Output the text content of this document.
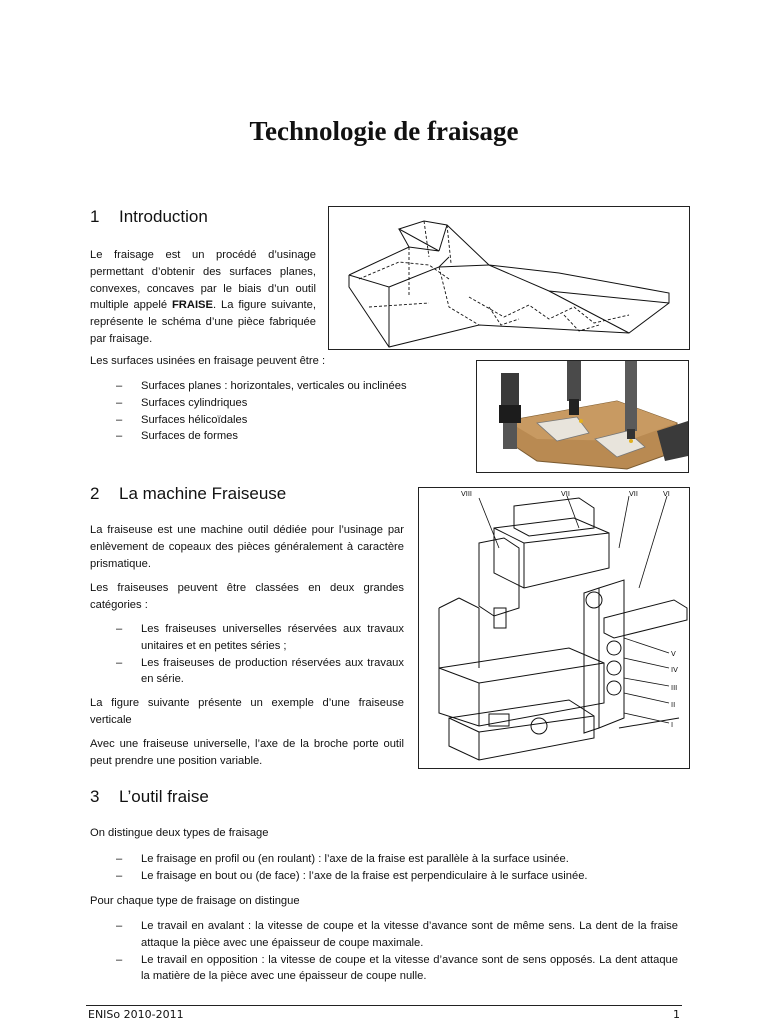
Technologie de fraisage
1 Introduction
Le fraisage est un procédé d’usinage permettant d’obtenir des surfaces planes, convexes, concaves par le biais d’un outil multiple appelé FRAISE. La figure suivante, représente le schéma d’une pièce fabriquée par fraisage.
Les surfaces usinées en fraisage peuvent être :
– Surfaces planes : horizontales, verticales ou inclinées
– Surfaces cylindriques
– Surfaces hélicoïdales
– Surfaces de formes
2 La machine Fraiseuse
La fraiseuse est une machine outil dédiée pour l’usinage par enlèvement de copeaux des pièces généralement à caractère prismatique.
Les fraiseuses peuvent être classées en deux grandes catégories :
– Les fraiseuses universelles réservées aux travaux unitaires et en petites séries ;
– Les fraiseuses de production réservées aux travaux en série.
La figure suivante présente un exemple d’une fraiseuse verticale
Avec une fraiseuse universelle, l’axe de la broche porte outil peut prendre une position variable.
VIII	VII	VII	VI
V
IV
III
II
I
3 L’outil fraise
On distingue deux types de fraisage
– Le fraisage en profil ou (en roulant) : l’axe de la fraise est parallèle à la surface usinée.
– Le fraisage en bout ou (de face) : l’axe de la fraise est perpendiculaire à le surface usinée.
Pour chaque type de fraisage on distingue
– Le travail en avalant : la vitesse de coupe et la vitesse d’avance sont de même sens. La dent de la fraise attaque la pièce avec une épaisseur de coupe maximale.
– Le travail en opposition : la vitesse de coupe et la vitesse d’avance sont de sens opposés. La dent attaque la matière de la pièce avec une épaisseur de coupe nulle.
ENISo 2010-2011	1
